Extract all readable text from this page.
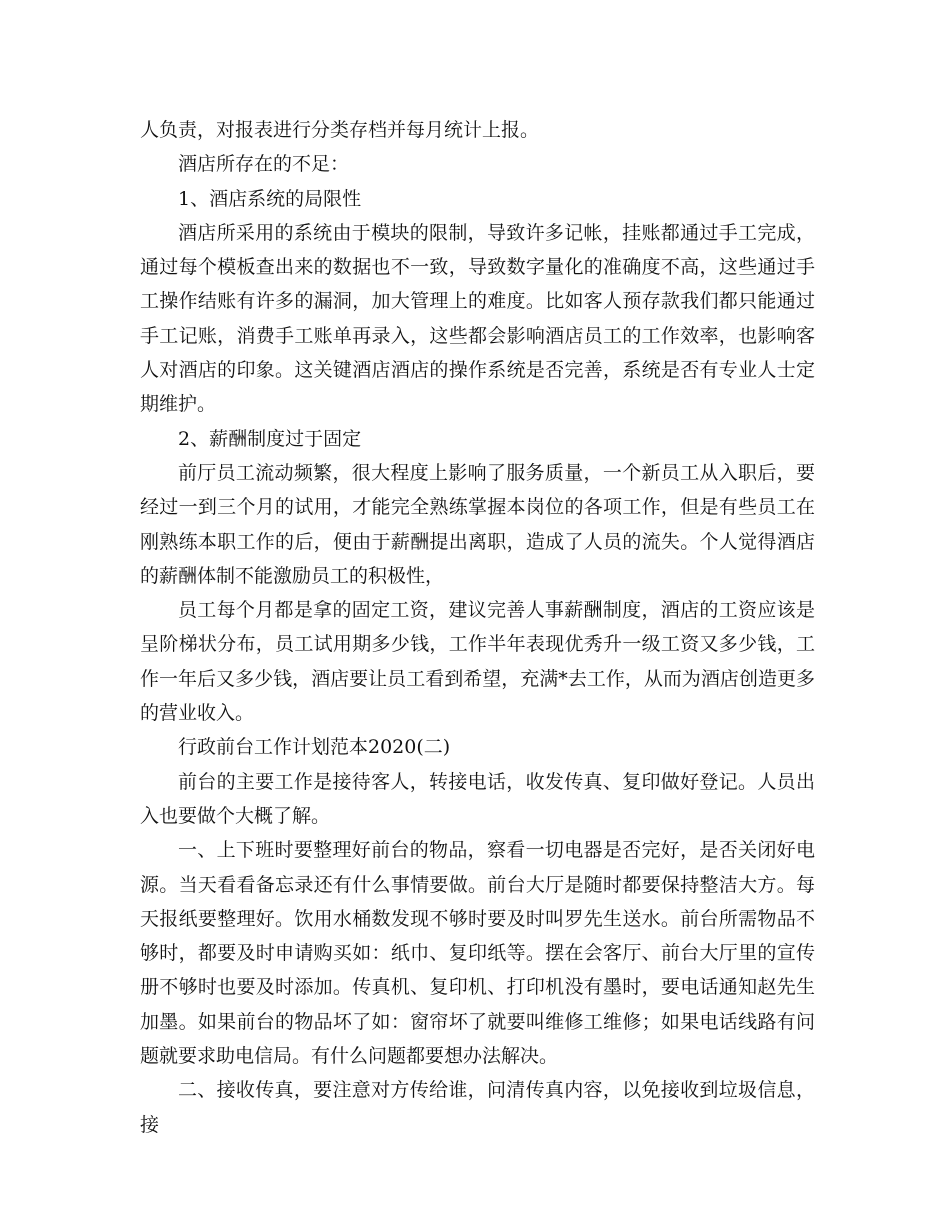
人负责，对报表进行分类存档并每月统计上报。

酒店所存在的不足：

1、酒店系统的局限性

酒店所采用的系统由于模块的限制，导致许多记帐，挂账都通过手工完成，通过每个模板查出来的数据也不一致，导致数字量化的准确度不高，这些通过手工操作结账有许多的漏洞，加大管理上的难度。比如客人预存款我们都只能通过手工记账，消费手工账单再录入，这些都会影响酒店员工的工作效率，也影响客人对酒店的印象。这关键酒店酒店的操作系统是否完善，系统是否有专业人士定期维护。

2、薪酬制度过于固定

前厅员工流动频繁，很大程度上影响了服务质量，一个新员工从入职后，要经过一到三个月的试用，才能完全熟练掌握本岗位的各项工作，但是有些员工在刚熟练本职工作的后，便由于薪酬提出离职，造成了人员的流失。个人觉得酒店的薪酬体制不能激励员工的积极性，

员工每个月都是拿的固定工资，建议完善人事薪酬制度，酒店的工资应该是呈阶梯状分布，员工试用期多少钱，工作半年表现优秀升一级工资又多少钱，工作一年后又多少钱，酒店要让员工看到希望，充满*去工作，从而为酒店创造更多的营业收入。

行政前台工作计划范本2020(二)

前台的主要工作是接待客人，转接电话，收发传真、复印做好登记。人员出入也要做个大概了解。

一、上下班时要整理好前台的物品，察看一切电器是否完好，是否关闭好电源。当天看看备忘录还有什么事情要做。前台大厅是随时都要保持整洁大方。每天报纸要整理好。饮用水桶数发现不够时要及时叫罗先生送水。前台所需物品不够时，都要及时申请购买如：纸巾、复印纸等。摆在会客厅、前台大厅里的宣传册不够时也要及时添加。传真机、复印机、打印机没有墨时，要电话通知赵先生加墨。如果前台的物品坏了如：窗帘坏了就要叫维修工维修；如果电话线路有问题就要求助电信局。有什么问题都要想办法解决。

二、接收传真，要注意对方传给谁，问清传真内容，以免接收到垃圾信息，接
